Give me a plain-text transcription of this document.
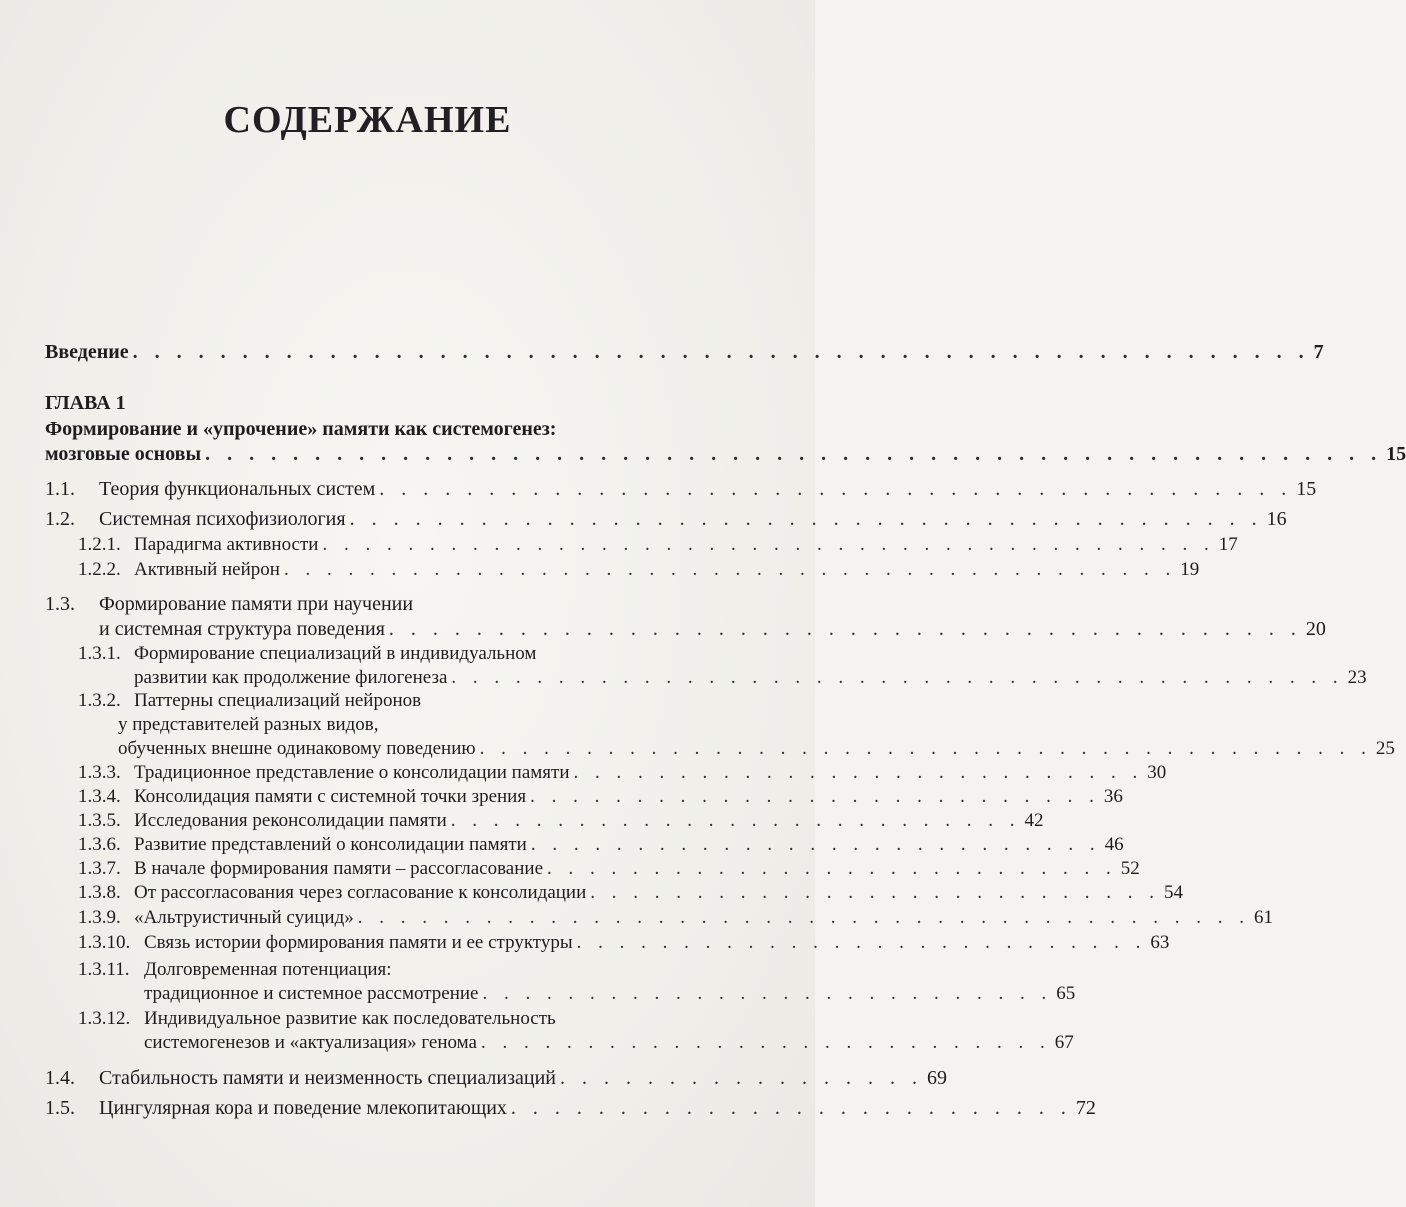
СОДЕРЖАНИЕ
Введение . . . . . . . . . . . . . . . . . . . . . . . . . . . . . . . . . . . . . . . . . . . . . . . . . . . . . . 7
ГЛАВА 1
Формирование и «упрочение» памяти как системогенез:
мозговые основы . . . . . . . . . . . . . . . . . . . . . . . . . . . . . . . . . . . . . . . . . . . . . . . . . . . . . . 15
1.1. Теория функциональных систем . . . . . . . . . . . . . . . . . . . . . . . . . . . . . . . . . . . . . . . . . . 15
1.2. Системная психофизиология . . . . . . . . . . . . . . . . . . . . . . . . . . . . . . . . . . . . . . . . . . 16
1.2.1. Парадигма активности . . . . . . . . . . . . . . . . . . . . . . . . . . . . . . . . . . . . . . . . . . 17
1.2.2. Активный нейрон . . . . . . . . . . . . . . . . . . . . . . . . . . . . . . . . . . . . . . . . . . 19
1.3. Формирование памяти при научении
и системная структура поведения . . . . . . . . . . . . . . . . . . . . . . . . . . . . . . . . . . . . . . . . . . 20
1.3.1. Формирование специализаций в индивидуальном
развитии как продолжение филогенеза . . . . . . . . . . . . . . . . . . . . . . . . . . . . . . . . . . . . . . . . . . 23
1.3.2. Паттерны специализаций нейронов
у представителей разных видов,
обученных внешне одинаковому поведению . . . . . . . . . . . . . . . . . . . . . . . . . . . . . . . . . . . . . . . . . . 25
1.3.3. Традиционное представление о консолидации памяти . . . . . . . . . . . . . . . . . . . . . . . . . . . 30
1.3.4. Консолидация памяти с системной точки зрения . . . . . . . . . . . . . . . . . . . . . . . . . . . 36
1.3.5. Исследования реконсолидации памяти . . . . . . . . . . . . . . . . . . . . . . . . . . . 42
1.3.6. Развитие представлений о консолидации памяти . . . . . . . . . . . . . . . . . . . . . . . . . . . 46
1.3.7. В начале формирования памяти – рассогласование . . . . . . . . . . . . . . . . . . . . . . . . . . . 52
1.3.8. От рассогласования через согласование к консолидации . . . . . . . . . . . . . . . . . . . . . . . . . . . 54
1.3.9. «Альтруистичный суицид» . . . . . . . . . . . . . . . . . . . . . . . . . . . . . . . . . . . . . . . . . . 61
1.3.10. Связь истории формирования памяти и ее структуры . . . . . . . . . . . . . . . . . . . . . . . . . . . 63
1.3.11. Долговременная потенциация:
традиционное и системное рассмотрение . . . . . . . . . . . . . . . . . . . . . . . . . . . 65
1.3.12. Индивидуальное развитие как последовательность
системогенезов и «актуализация» генома . . . . . . . . . . . . . . . . . . . . . . . . . . . 67
1.4. Стабильность памяти и неизменность специализаций . . . . . . . . . . . . . . . . . 69
1.5. Цингулярная кора и поведение млекопитающих . . . . . . . . . . . . . . . . . . . . . . . . . . 72
